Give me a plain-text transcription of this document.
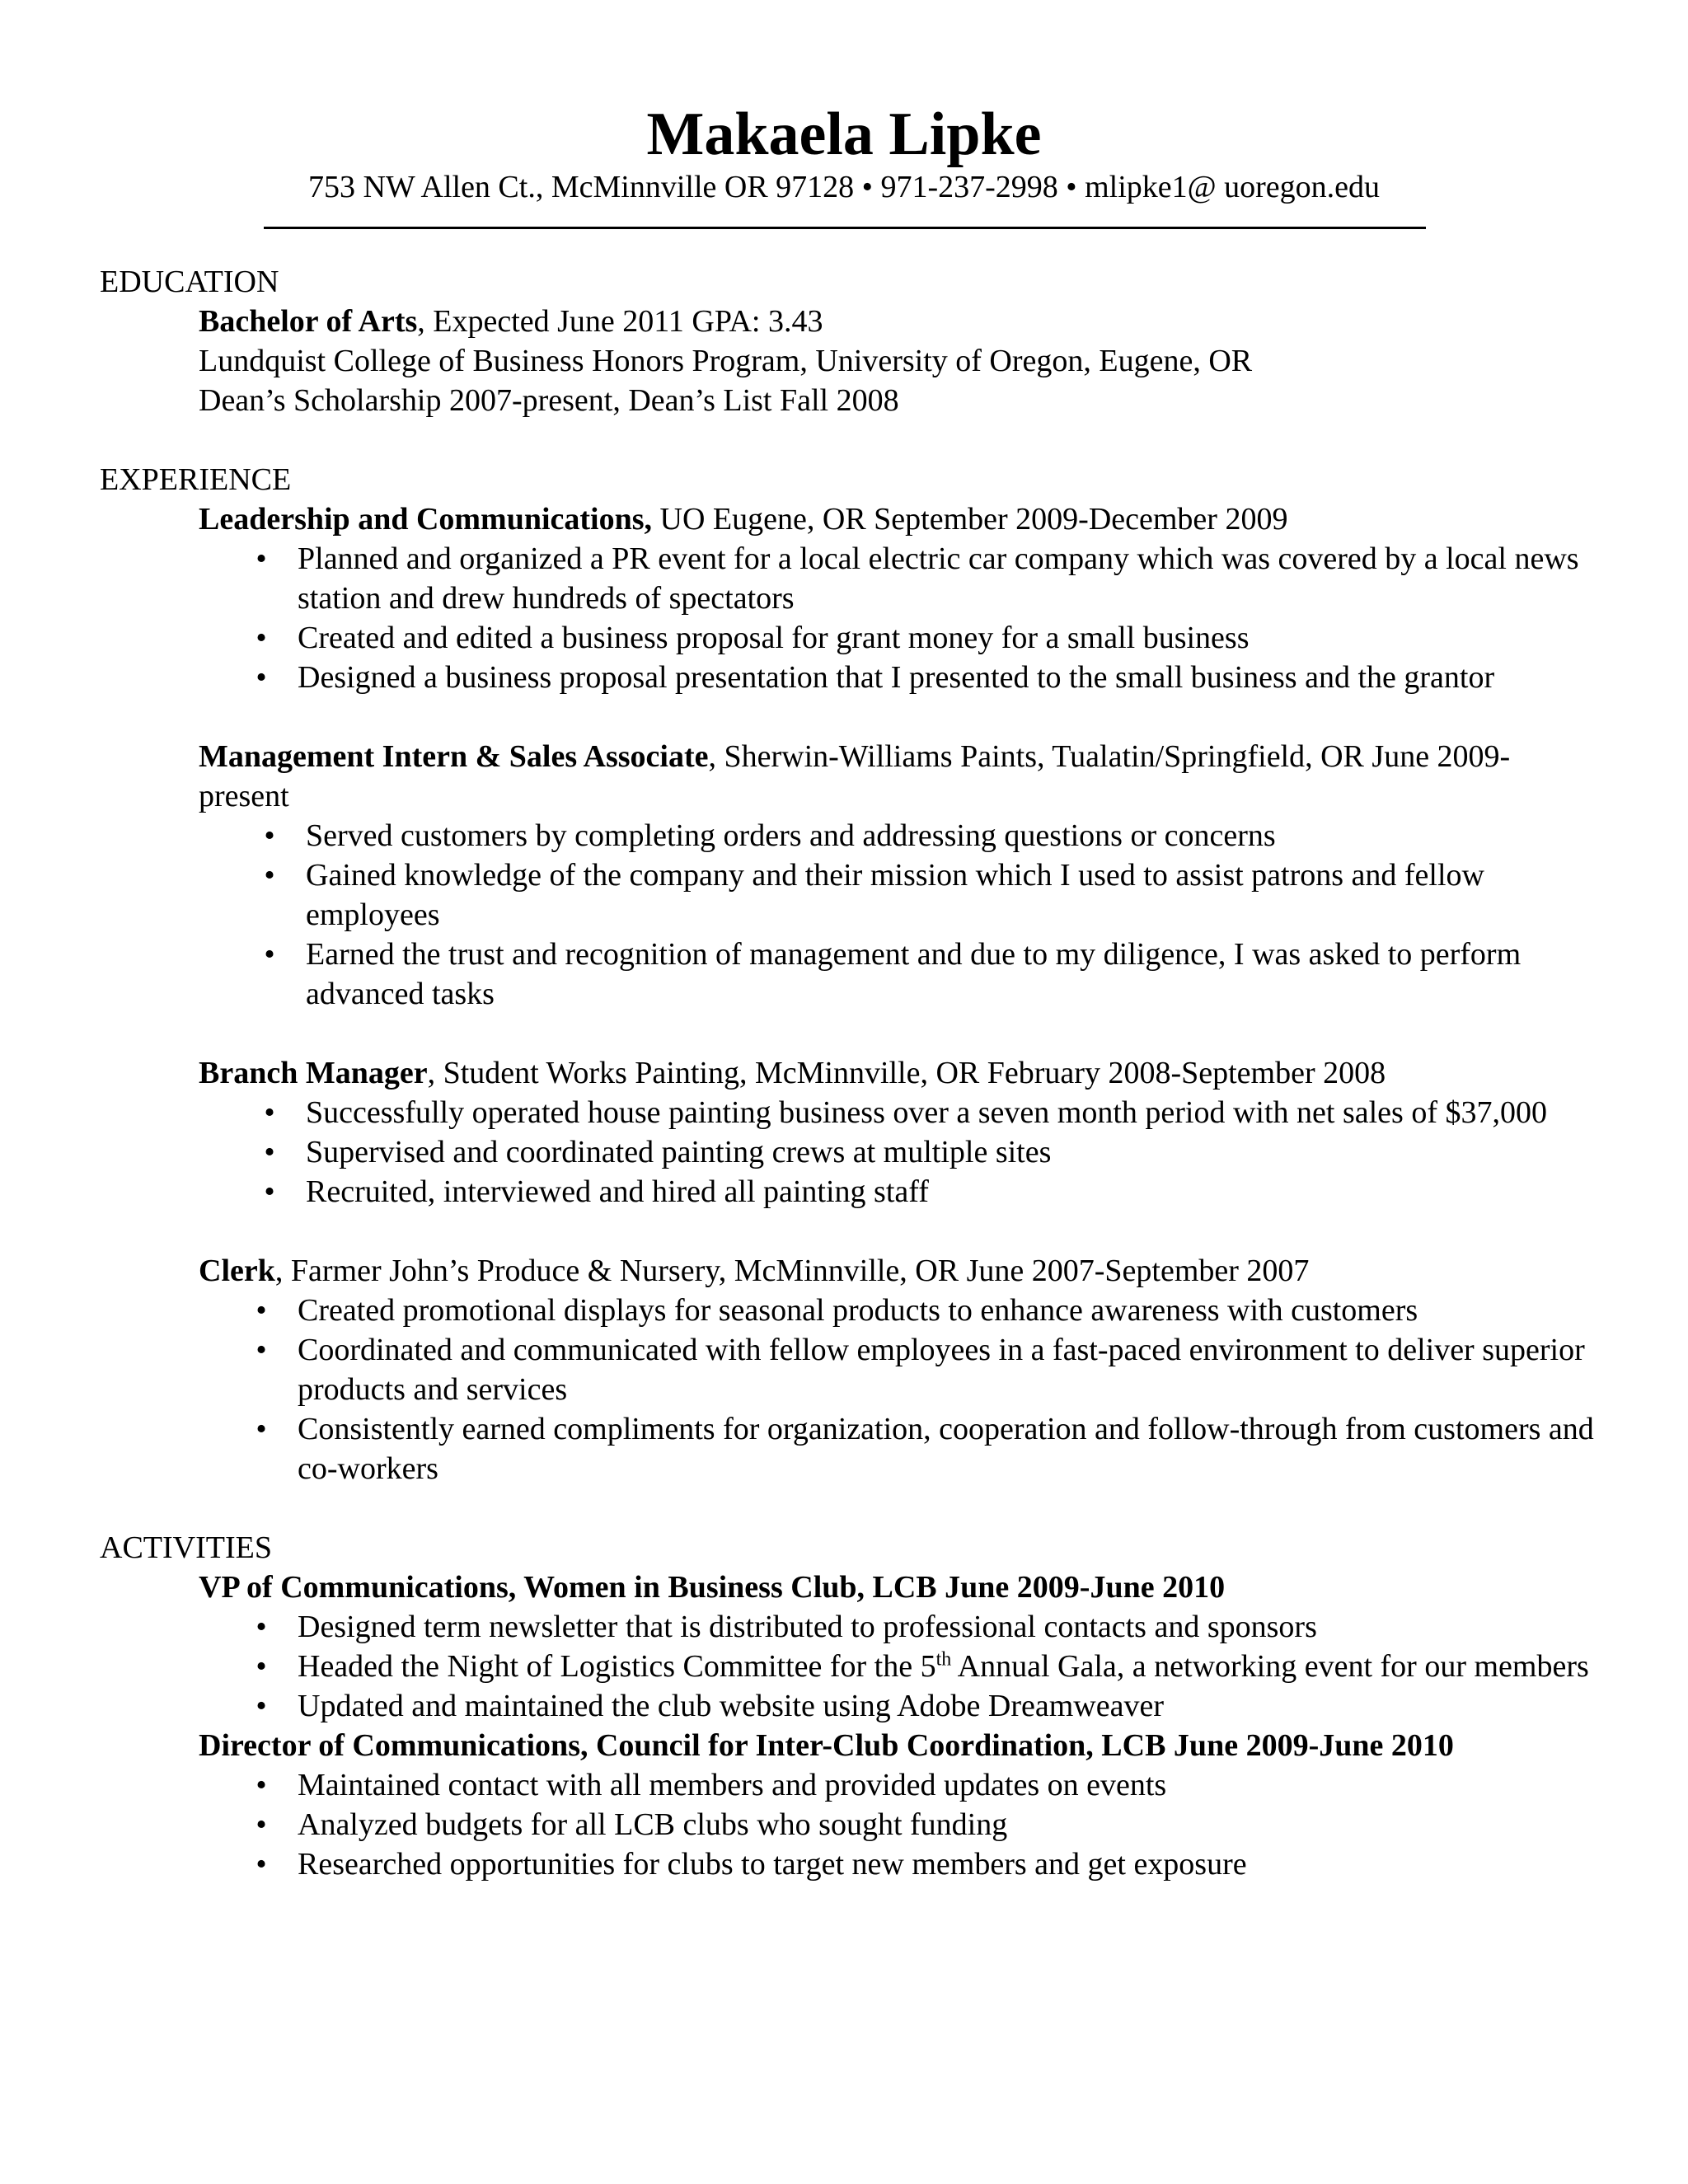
Makaela Lipke
753 NW Allen Ct., McMinnville OR 97128 • 971-237-2998 • mlipke1@ uoregon.edu
EDUCATION
Bachelor of Arts, Expected June 2011 GPA: 3.43
Lundquist College of Business Honors Program, University of Oregon, Eugene, OR
Dean’s Scholarship 2007-present, Dean’s List Fall 2008
EXPERIENCE
Leadership and Communications, UO Eugene, OR September 2009-December 2009
• Planned and organized a PR event for a local electric car company which was covered by a local news station and drew hundreds of spectators
• Created and edited a business proposal for grant money for a small business
• Designed a business proposal presentation that I presented to the small business and the grantor
Management Intern & Sales Associate, Sherwin-Williams Paints, Tualatin/Springfield, OR June 2009-present
• Served customers by completing orders and addressing questions or concerns
• Gained knowledge of the company and their mission which I used to assist patrons and fellow employees
• Earned the trust and recognition of management and due to my diligence, I was asked to perform advanced tasks
Branch Manager, Student Works Painting, McMinnville, OR February 2008-September 2008
• Successfully operated house painting business over a seven month period with net sales of $37,000
• Supervised and coordinated painting crews at multiple sites
• Recruited, interviewed and hired all painting staff
Clerk, Farmer John’s Produce & Nursery, McMinnville, OR June 2007-September 2007
• Created promotional displays for seasonal products to enhance awareness with customers
• Coordinated and communicated with fellow employees in a fast-paced environment to deliver superior products and services
• Consistently earned compliments for organization, cooperation and follow-through from customers and co-workers
ACTIVITIES
VP of Communications, Women in Business Club, LCB June 2009-June 2010
• Designed term newsletter that is distributed to professional contacts and sponsors
• Headed the Night of Logistics Committee for the 5th Annual Gala, a networking event for our members
• Updated and maintained the club website using Adobe Dreamweaver
Director of Communications, Council for Inter-Club Coordination, LCB June 2009-June 2010
• Maintained contact with all members and provided updates on events
• Analyzed budgets for all LCB clubs who sought funding
• Researched opportunities for clubs to target new members and get exposure
